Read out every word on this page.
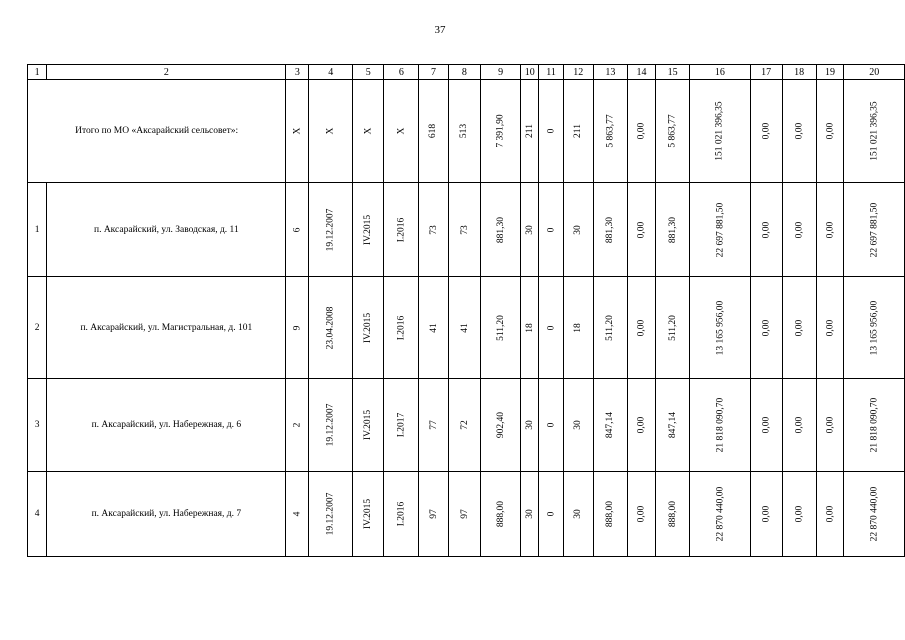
37
1	2	3	4	5	6	7	8	9	10	11	12	13	14	15	16	17	18	19	20
Итого по МО «Аксарайский сельсовет»:		Х	Х	Х	Х	618	513	7 391,90	211	0	211	5 863,77	0,00	5 863,77	151 021 396,35	0,00	0,00	0,00	151 021 396,35
1	п. Аксарайский, ул. Заводская, д. 11	6	19.12.2007	IV.2015	I.2016	73	73	881,30	30	0	30	881,30	0,00	881,30	22 697 881,50	0,00	0,00	0,00	22 697 881,50
2	п. Аксарайский, ул. Магистральная, д. 101	9	23.04.2008	IV.2015	I.2016	41	41	511,20	18	0	18	511,20	0,00	511,20	13 165 956,00	0,00	0,00	0,00	13 165 956,00
3	п. Аксарайский, ул. Набережная, д. 6	2	19.12.2007	IV.2015	I.2017	77	72	902,40	30	0	30	847,14	0,00	847,14	21 818 090,70	0,00	0,00	0,00	21 818 090,70
4	п. Аксарайский, ул. Набережная, д. 7	4	19.12.2007	IV.2015	I.2016	97	97	888,00	30	0	30	888,00	0,00	888,00	22 870 440,00	0,00	0,00	0,00	22 870 440,00
